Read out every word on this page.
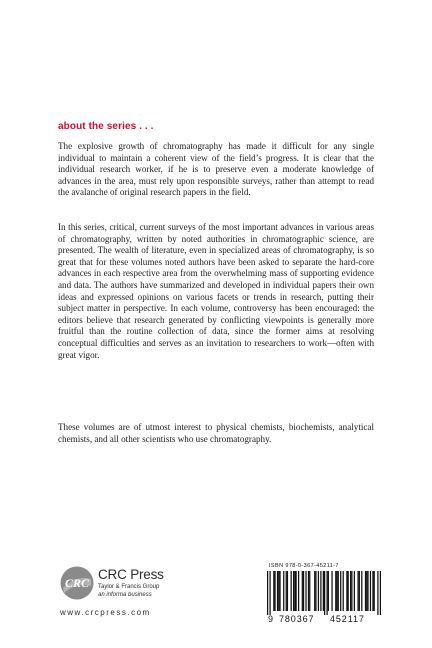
about the series . . .

The explosive growth of chromatography has made it difficult for any single individual to maintain a coherent view of the field’s progress. It is clear that the individual research worker, if he is to preserve even a moderate knowledge of advances in the area, must rely upon responsible surveys, rather than attempt to read the avalanche of original research papers in the field.

In this series, critical, current surveys of the most important advances in various areas of chromatography, written by noted authorities in chromatographic science, are presented. The wealth of literature, even in specialized areas of chromatography, is so great that for these volumes noted authors have been asked to separate the hard-core advances in each respective area from the overwhelming mass of supporting evidence and data. The authors have summarized and developed in individual papers their own ideas and expressed opinions on various facets or trends in research, putting their subject matter in perspective. In each volume, controversy has been encouraged: the editors believe that research generated by conflicting viewpoints is generally more fruitful than the routine collection of data, since the former aims at resolving conceptual difficulties and serves as an invitation to researchers to work—often with great vigor.

These volumes are of utmost interest to physical chemists, biochemists, analytical chemists, and all other scientists who use chromatography.

CRC
CRC Press
Taylor & Francis Group
an informa business
www.crcpress.com
ISBN 978-0-367-45211-7
9 780367 452117
